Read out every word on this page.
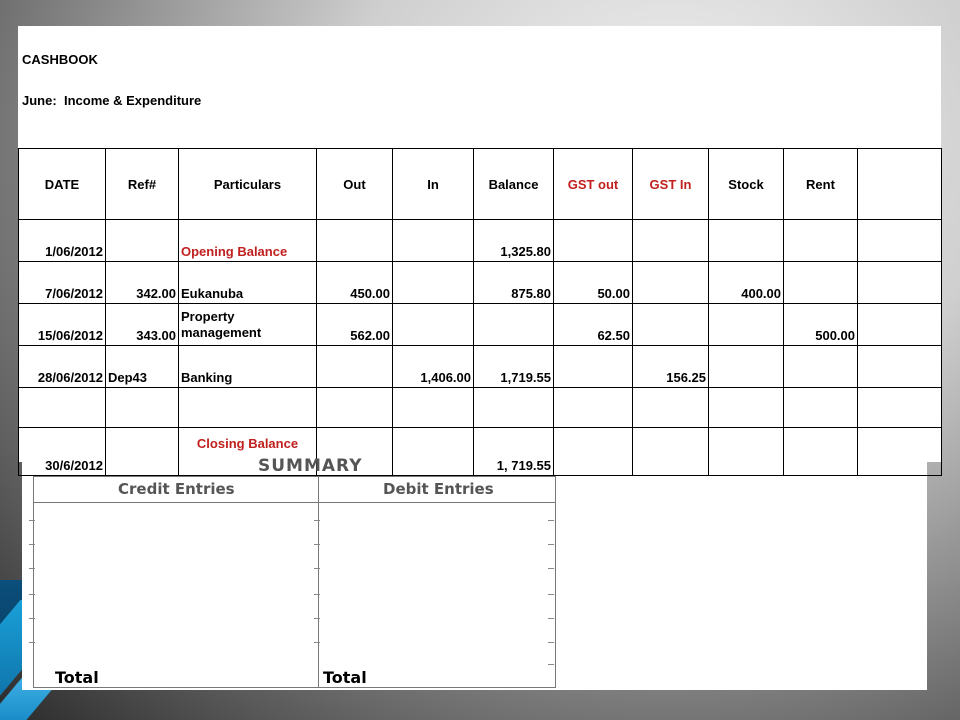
CASHBOOK
June: Income & Expenditure
DATE	Ref#	Particulars	Out	In	Balance	GST out	GST In	Stock	Rent	
1/06/2012		Opening Balance			1,325.80					
7/06/2012	342.00	Eukanuba	450.00		875.80	50.00		400.00		
15/06/2012	343.00	Property management	562.00			62.50			500.00	
28/06/2012	Dep43	Banking		1,406.00	1,719.55		156.25			

30/6/2012		Closing Balance			1, 719.55					
SUMMARY
Credit Entries	Debit Entries
Total	Total
